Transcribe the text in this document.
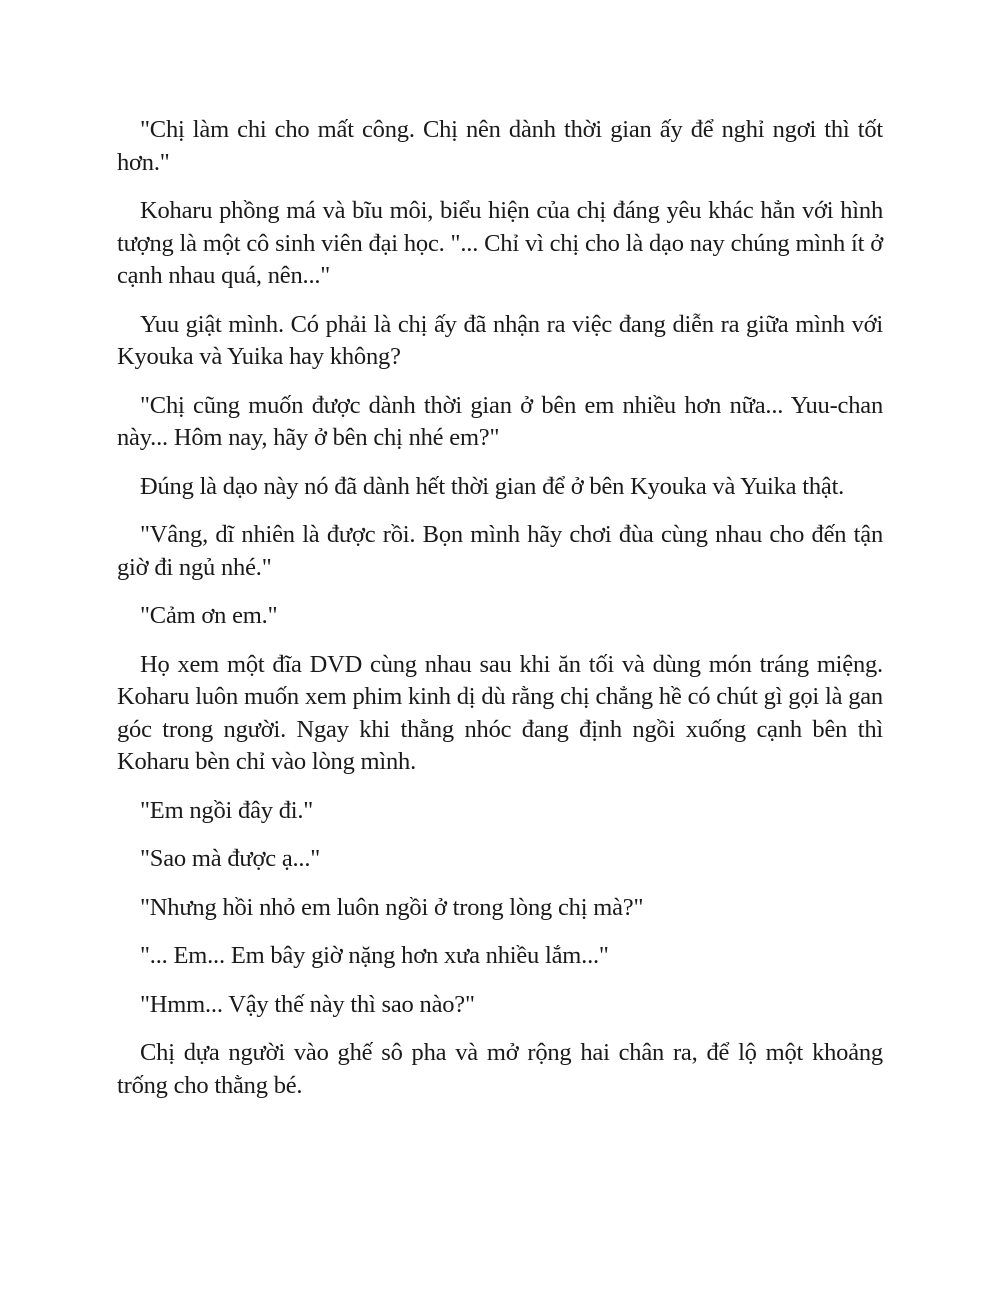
"Chị làm chi cho mất công. Chị nên dành thời gian ấy để nghỉ ngơi thì tốt hơn."

Koharu phồng má và bĩu môi, biểu hiện của chị đáng yêu khác hẳn với hình tượng là một cô sinh viên đại học. "... Chỉ vì chị cho là dạo nay chúng mình ít ở cạnh nhau quá, nên..."

Yuu giật mình. Có phải là chị ấy đã nhận ra việc đang diễn ra giữa mình với Kyouka và Yuika hay không?

"Chị cũng muốn được dành thời gian ở bên em nhiều hơn nữa... Yuu-chan này... Hôm nay, hãy ở bên chị nhé em?"

Đúng là dạo này nó đã dành hết thời gian để ở bên Kyouka và Yuika thật.

"Vâng, dĩ nhiên là được rồi. Bọn mình hãy chơi đùa cùng nhau cho đến tận giờ đi ngủ nhé."

"Cảm ơn em."

Họ xem một đĩa DVD cùng nhau sau khi ăn tối và dùng món tráng miệng. Koharu luôn muốn xem phim kinh dị dù rằng chị chẳng hề có chút gì gọi là gan góc trong người. Ngay khi thằng nhóc đang định ngồi xuống cạnh bên thì Koharu bèn chỉ vào lòng mình.

"Em ngồi đây đi."

"Sao mà được ạ..."

"Nhưng hồi nhỏ em luôn ngồi ở trong lòng chị mà?"

"... Em... Em bây giờ nặng hơn xưa nhiều lắm..."

"Hmm... Vậy thế này thì sao nào?"

Chị dựa người vào ghế sô pha và mở rộng hai chân ra, để lộ một khoảng trống cho thằng bé.
